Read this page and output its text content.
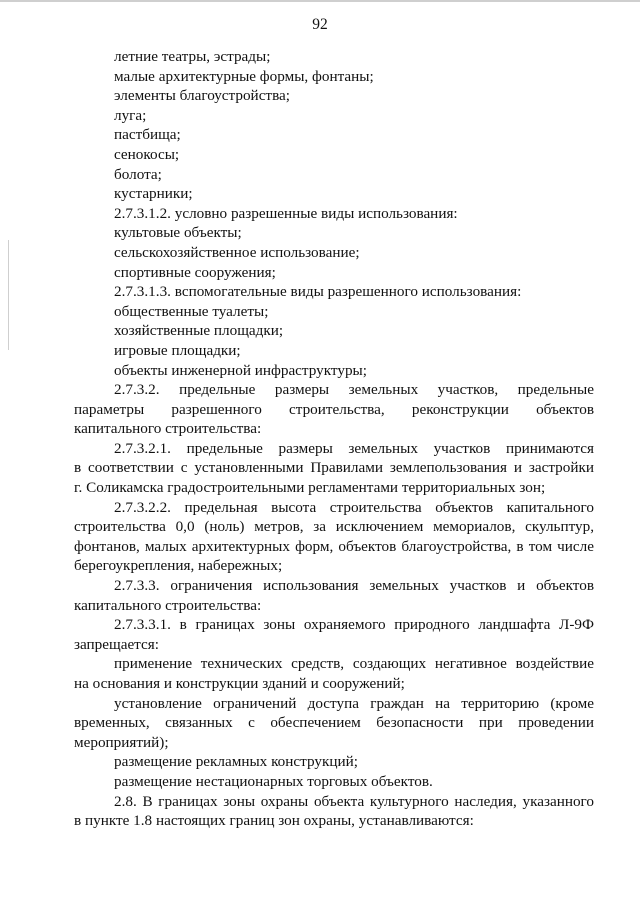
92
летние театры, эстрады;
малые архитектурные формы, фонтаны;
элементы благоустройства;
луга;
пастбища;
сенокосы;
болота;
кустарники;
2.7.3.1.2. условно разрешенные виды использования:
культовые объекты;
сельскохозяйственное использование;
спортивные сооружения;
2.7.3.1.3. вспомогательные виды разрешенного использования:
общественные туалеты;
хозяйственные площадки;
игровые площадки;
объекты инженерной инфраструктуры;
2.7.3.2. предельные размеры земельных участков, предельные
параметры разрешенного строительства, реконструкции объектов
капитального строительства:
2.7.3.2.1. предельные размеры земельных участков принимаются
в соответствии с установленными Правилами землепользования и застройки
г. Соликамска градостроительными регламентами территориальных зон;
2.7.3.2.2. предельная высота строительства объектов капитального
строительства 0,0 (ноль) метров, за исключением мемориалов, скульптур,
фонтанов, малых архитектурных форм, объектов благоустройства, в том числе
берегоукрепления, набережных;
2.7.3.3. ограничения использования земельных участков и объектов
капитального строительства:
2.7.3.3.1. в границах зоны охраняемого природного ландшафта Л-9Ф
запрещается:
применение технических средств, создающих негативное воздействие
на основания и конструкции зданий и сооружений;
установление ограничений доступа граждан на территорию (кроме
временных, связанных с обеспечением безопасности при проведении
мероприятий);
размещение рекламных конструкций;
размещение нестационарных торговых объектов.
2.8. В границах зоны охраны объекта культурного наследия, указанного
в пункте 1.8 настоящих границ зон охраны, устанавливаются:
